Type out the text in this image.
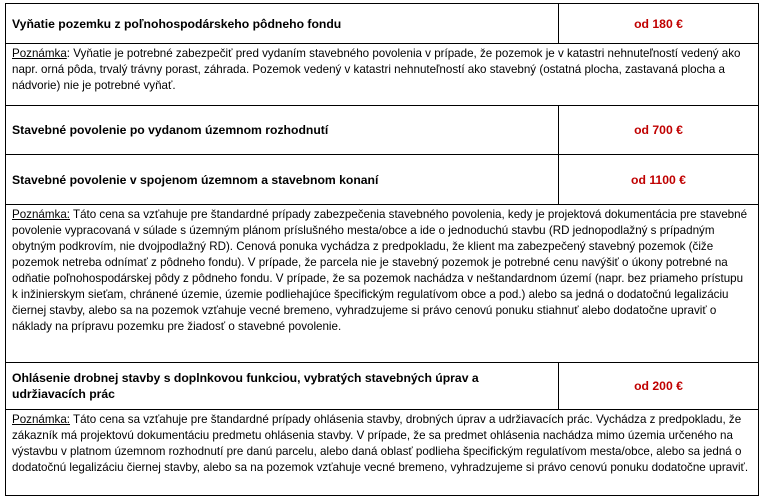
Vyňatie pozemku z poľnohospodárskeho pôdneho fondu	od 180 €
Poznámka: Vyňatie je potrebné zabezpečiť pred vydaním stavebného povolenia v prípade, že pozemok je v katastri nehnuteľností vedený ako napr. orná pôda, trvalý trávny porast, záhrada. Pozemok vedený v katastri nehnuteľností ako stavebný (ostatná plocha, zastavaná plocha a nádvorie) nie je potrebné vyňať.	
Stavebné povolenie po vydanom územnom rozhodnutí	od 700 €
Stavebné povolenie v spojenom územnom a stavebnom konaní	od 1100 €
Poznámka: Táto cena sa vzťahuje pre štandardné prípady zabezpečenia stavebného povolenia, kedy je projektová dokumentácia pre stavebné povolenie vypracovaná v súlade s územným plánom príslušného mesta/obce a ide o jednoduchú stavbu (RD jednopodlažný s prípadným obytným podkrovím, nie dvojpodlažný RD). Cenová ponuka vychádza z predpokladu, že klient ma zabezpečený stavebný pozemok (čiže pozemok netreba odnímať z pôdneho fondu). V prípade, že parcela nie je stavebný pozemok je potrebné cenu navýšiť o úkony potrebné na odňatie poľnohospodárskej pôdy z pôdneho fondu. V prípade, že sa pozemok nachádza v neštandardnom území (napr. bez priameho prístupu k inžinierskym sieťam, chránené územie, územie podliehajúce špecifickým regulatívom obce a pod.) alebo sa jedná o dodatočnú legalizáciu čiernej stavby, alebo sa na pozemok vzťahuje vecné bremeno, vyhradzujeme si právo cenovú ponuku stiahnuť alebo dodatočne upraviť o náklady na prípravu pozemku pre žiadosť o stavebné povolenie.	
Ohlásenie drobnej stavby s doplnkovou funkciou, vybratých stavebných úprav a udržiavacích prác	od 200 €
Poznámka: Táto cena sa vzťahuje pre štandardné prípady ohlásenia stavby, drobných úprav a udržiavacích prác. Vychádza z predpokladu, že zákazník má projektovú dokumentáciu predmetu ohlásenia stavby. V prípade, že sa predmet ohlásenia nachádza mimo územia určeného na výstavbu v platnom územnom rozhodnutí pre danú parcelu, alebo daná oblasť podlieha špecifickým regulatívom mesta/obce, alebo sa jedná o dodatočnú legalizáciu čiernej stavby, alebo sa na pozemok vzťahuje vecné bremeno, vyhradzujeme si právo cenovú ponuku dodatočne upraviť.	
